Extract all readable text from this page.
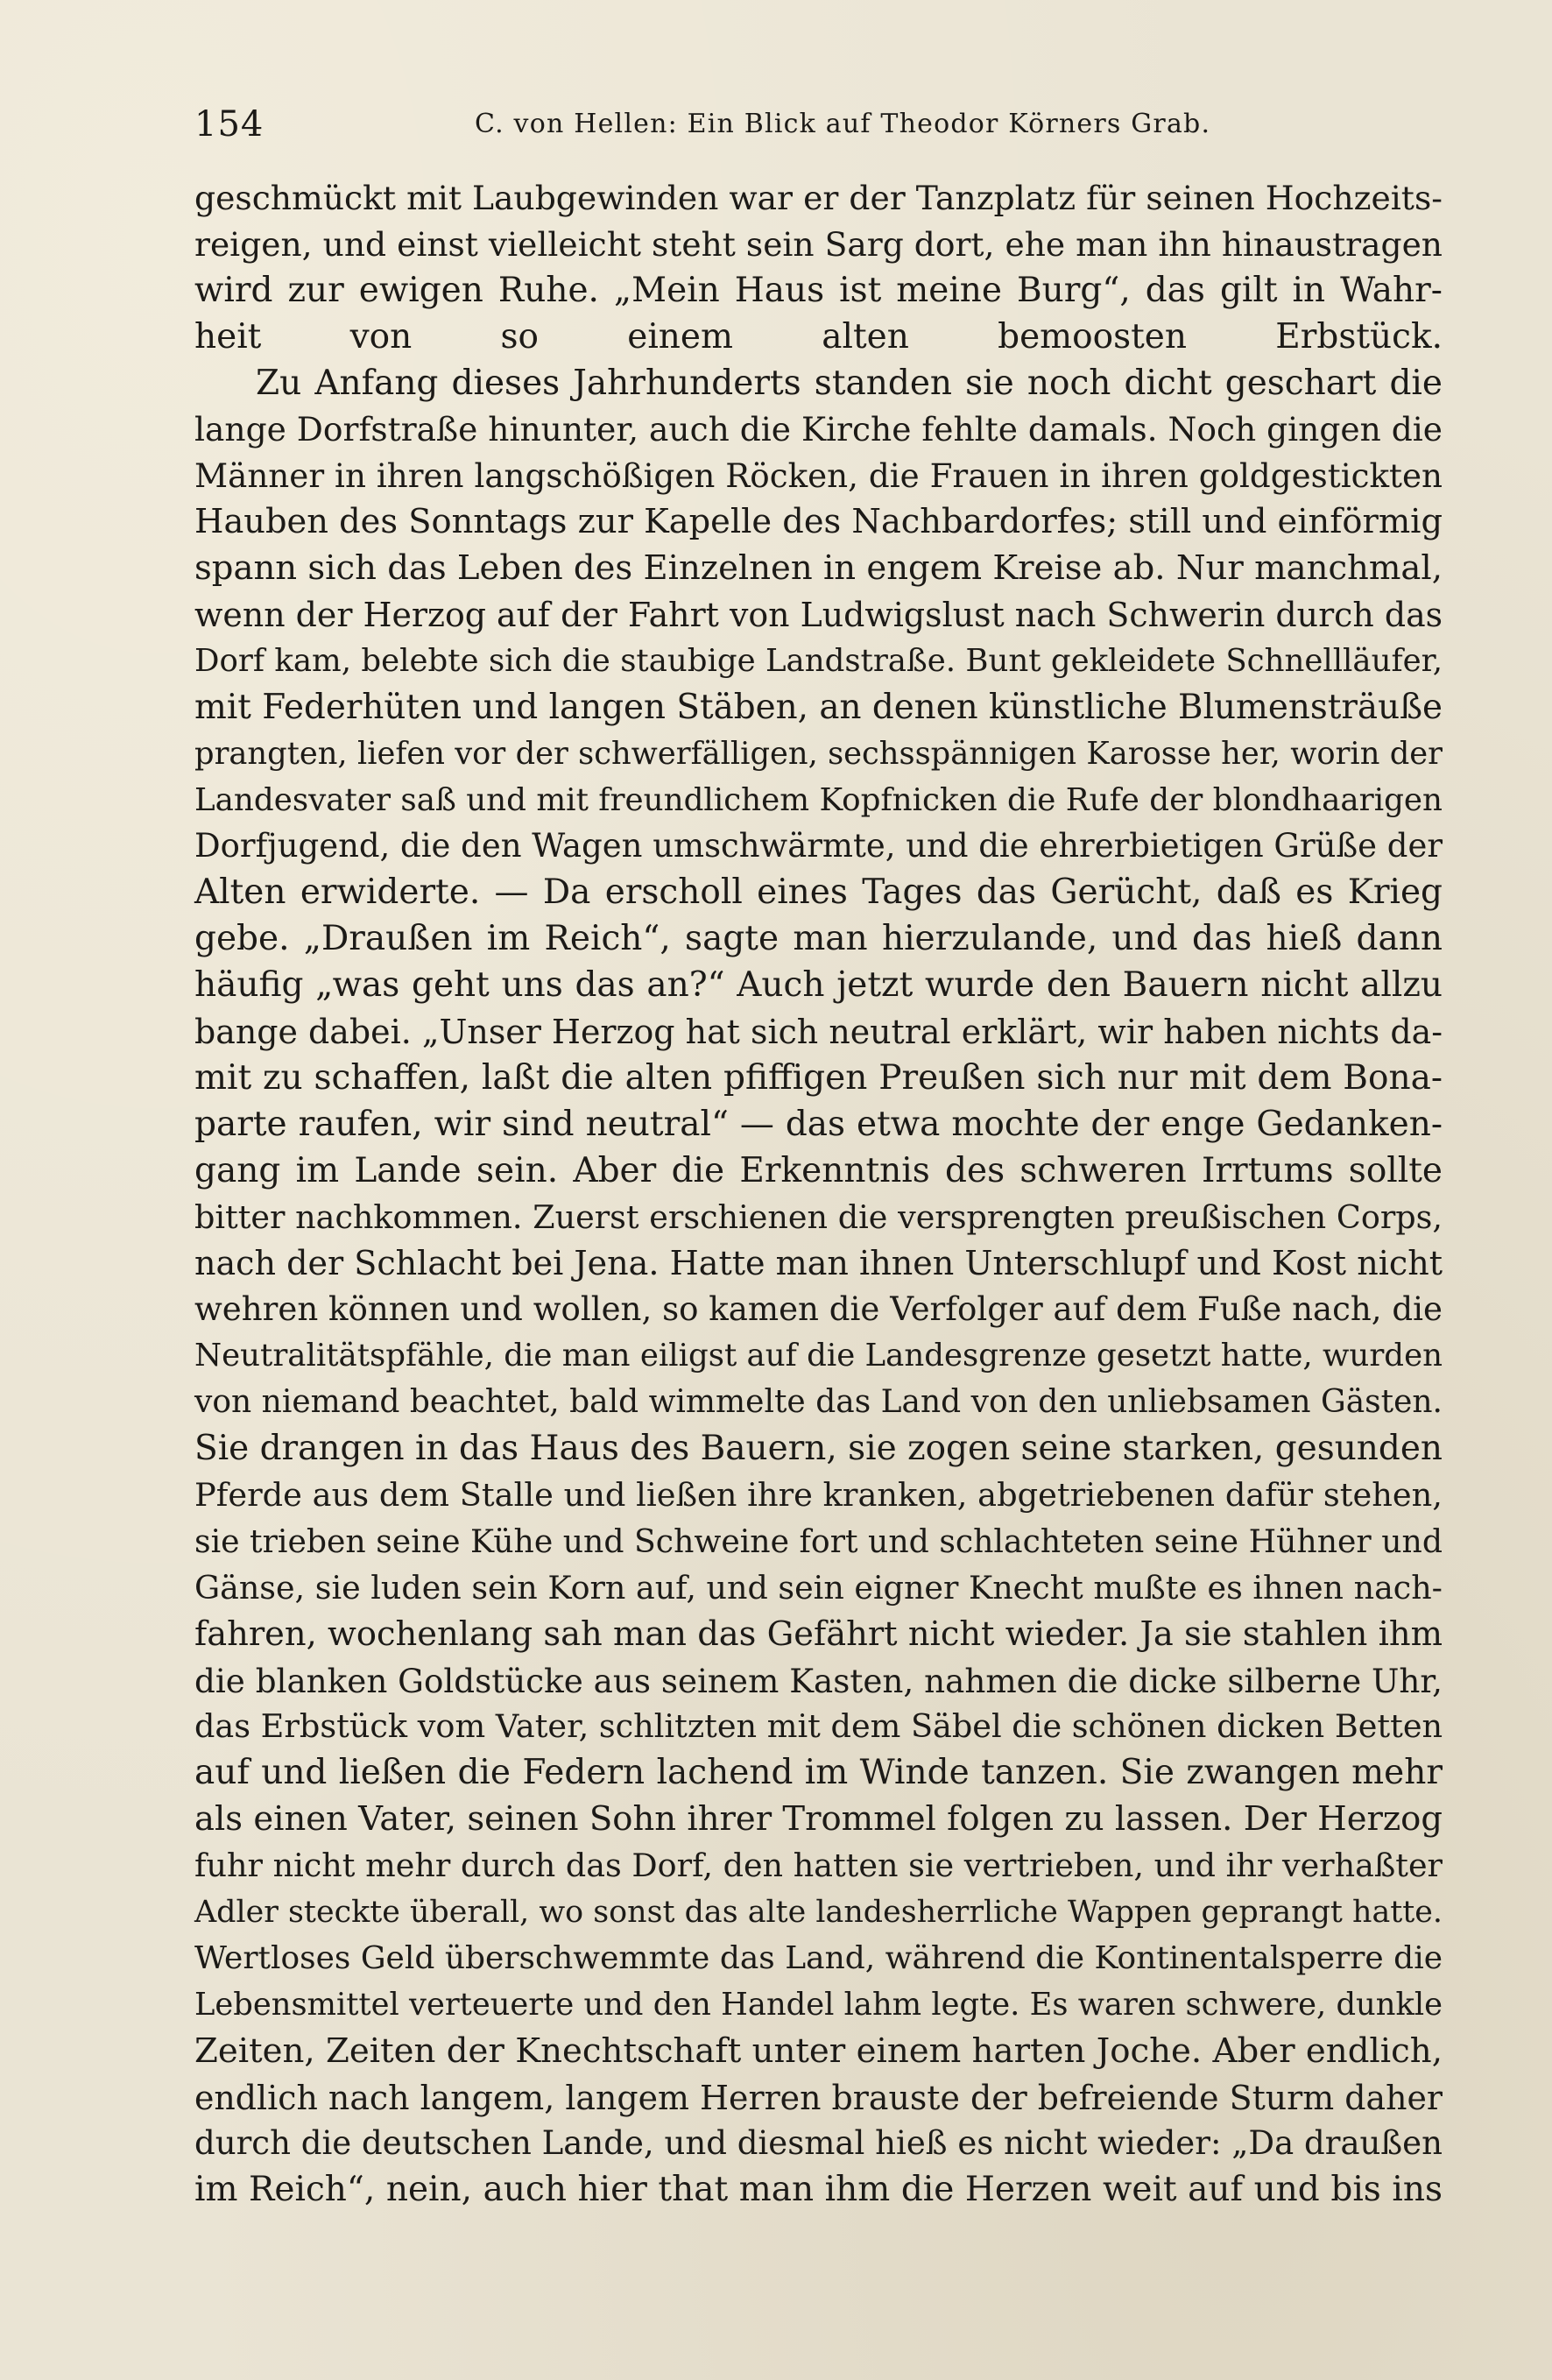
154	C. von Hellen: Ein Blick auf Theodor Körners Grab.
geschmückt mit Laubgewinden war er der Tanzplatz für seinen Hochzeits-
reigen, und einst vielleicht steht sein Sarg dort, ehe man ihn hinaustragen
wird zur ewigen Ruhe. „Mein Haus ist meine Burg“, das gilt in Wahr-
heit von so einem alten bemoosten Erbstück.
Zu Anfang dieses Jahrhunderts standen sie noch dicht geschart die
lange Dorfstraße hinunter, auch die Kirche fehlte damals. Noch gingen die
Männer in ihren langschößigen Röcken, die Frauen in ihren goldgestickten
Hauben des Sonntags zur Kapelle des Nachbardorfes; still und einförmig
spann sich das Leben des Einzelnen in engem Kreise ab. Nur manchmal,
wenn der Herzog auf der Fahrt von Ludwigslust nach Schwerin durch das
Dorf kam, belebte sich die staubige Landstraße. Bunt gekleidete Schnellläufer,
mit Federhüten und langen Stäben, an denen künstliche Blumensträuße
prangten, liefen vor der schwerfälligen, sechsspännigen Karosse her, worin der
Landesvater saß und mit freundlichem Kopfnicken die Rufe der blondhaarigen
Dorfjugend, die den Wagen umschwärmte, und die ehrerbietigen Grüße der
Alten erwiderte. — Da erscholl eines Tages das Gerücht, daß es Krieg
gebe. „Draußen im Reich“, sagte man hierzulande, und das hieß dann
häufig „was geht uns das an?“ Auch jetzt wurde den Bauern nicht allzu
bange dabei. „Unser Herzog hat sich neutral erklärt, wir haben nichts da-
mit zu schaffen, laßt die alten pfiffigen Preußen sich nur mit dem Bona-
parte raufen, wir sind neutral“ — das etwa mochte der enge Gedanken-
gang im Lande sein. Aber die Erkenntnis des schweren Irrtums sollte
bitter nachkommen. Zuerst erschienen die versprengten preußischen Corps,
nach der Schlacht bei Jena. Hatte man ihnen Unterschlupf und Kost nicht
wehren können und wollen, so kamen die Verfolger auf dem Fuße nach, die
Neutralitätspfähle, die man eiligst auf die Landesgrenze gesetzt hatte, wurden
von niemand beachtet, bald wimmelte das Land von den unliebsamen Gästen.
Sie drangen in das Haus des Bauern, sie zogen seine starken, gesunden
Pferde aus dem Stalle und ließen ihre kranken, abgetriebenen dafür stehen,
sie trieben seine Kühe und Schweine fort und schlachteten seine Hühner und
Gänse, sie luden sein Korn auf, und sein eigner Knecht mußte es ihnen nach-
fahren, wochenlang sah man das Gefährt nicht wieder. Ja sie stahlen ihm
die blanken Goldstücke aus seinem Kasten, nahmen die dicke silberne Uhr,
das Erbstück vom Vater, schlitzten mit dem Säbel die schönen dicken Betten
auf und ließen die Federn lachend im Winde tanzen. Sie zwangen mehr
als einen Vater, seinen Sohn ihrer Trommel folgen zu lassen. Der Herzog
fuhr nicht mehr durch das Dorf, den hatten sie vertrieben, und ihr verhaßter
Adler steckte überall, wo sonst das alte landesherrliche Wappen geprangt hatte.
Wertloses Geld überschwemmte das Land, während die Kontinentalsperre die
Lebensmittel verteuerte und den Handel lahm legte. Es waren schwere, dunkle
Zeiten, Zeiten der Knechtschaft unter einem harten Joche. Aber endlich,
endlich nach langem, langem Herren brauste der befreiende Sturm daher
durch die deutschen Lande, und diesmal hieß es nicht wieder: „Da draußen
im Reich“, nein, auch hier that man ihm die Herzen weit auf und bis ins
